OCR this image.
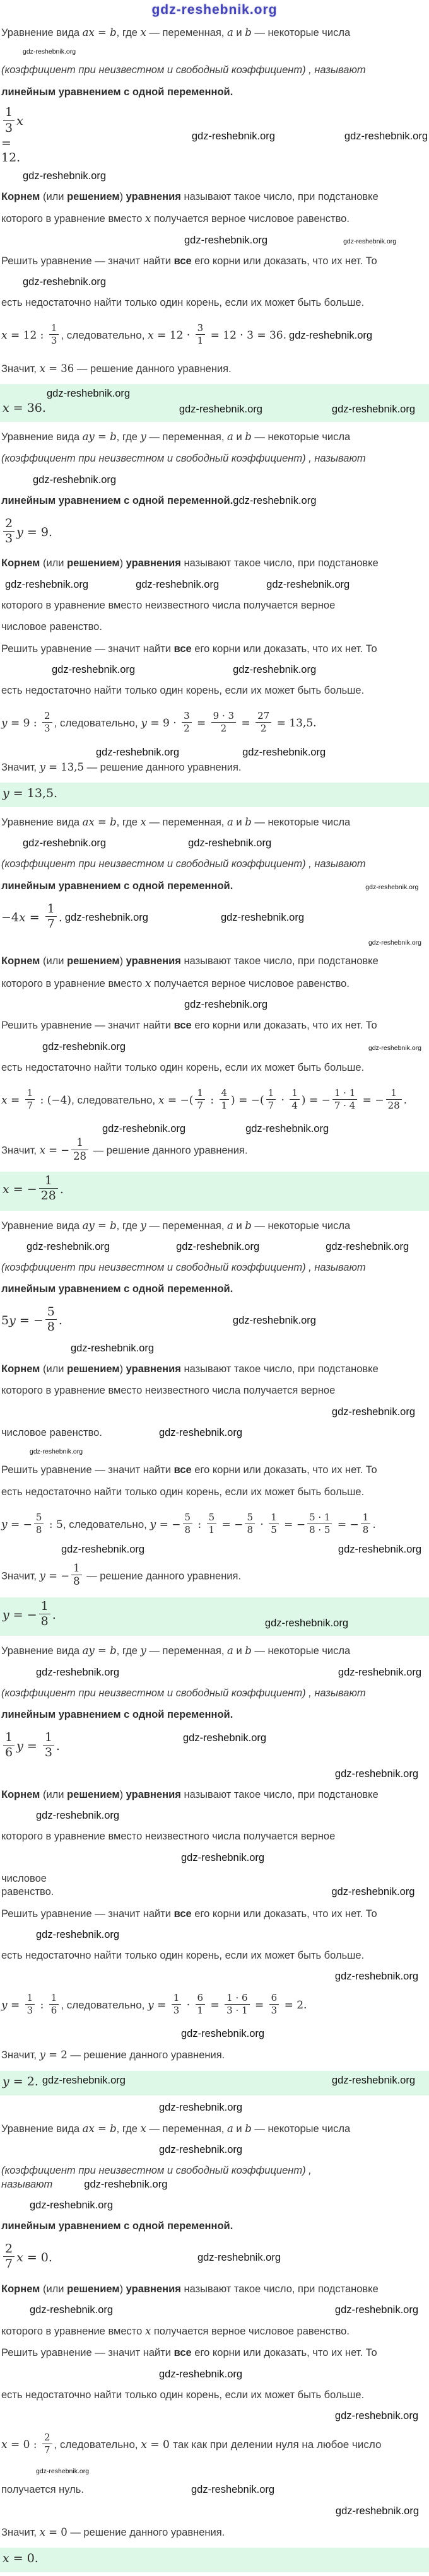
gdz-reshebnik.org
Уравнение вида ax = b, где x — переменная, a и b — некоторые числа
gdz-reshebnik.org
(коэффициент при неизвестном и свободный коэффициент) , называют
линейным уравнением с одной переменной.
$\frac{1}{3}$ x = 12.
gdz-reshebnik.org	gdz-reshebnik.org
gdz-reshebnik.org
Корнем (или решением) уравнения называют такое число, при подстановке
которого в уравнение вместо x получается верное числовое равенство.
gdz-reshebnik.org	gdz-reshebnik.org
Решить уравнение — значит найти все его корни или доказать, что их нет. То
gdz-reshebnik.org
есть недостаточно найти только один корень, если их может быть больше.
x = 12 : $\frac{1}{3}$ , следовательно, $x = 12 \cdot \frac{3}{1} = 12 \cdot 3 = 36$. gdz-reshebnik.org
Значит, x = 36 — решение данного уравнения.
gdz-reshebnik.org
x = 36.	gdz-reshebnik.org	gdz-reshebnik.org
Уравнение вида ay = b, где y — переменная, a и b — некоторые числа
(коэффициент при неизвестном и свободный коэффициент) , называют
gdz-reshebnik.org
линейным уравнением с одной переменной.gdz-reshebnik.org
$\frac{2}{3}$ y = 9.
Корнем (или решением) уравнения называют такое число, при подстановке
gdz-reshebnik.org	gdz-reshebnik.org	gdz-reshebnik.org
которого в уравнение вместо неизвестного числа получается верное
числовое равенство.
Решить уравнение — значит найти все его корни или доказать, что их нет. То
gdz-reshebnik.org	gdz-reshebnik.org
есть недостаточно найти только один корень, если их может быть больше.
y = 9 : $\frac{2}{3}$ , следовательно, $y = 9 \cdot \frac{3}{2} = \frac{9 \cdot 3}{2} = \frac{27}{2} = 13,5$.
gdz-reshebnik.org	gdz-reshebnik.org
Значит, y = 13,5 — решение данного уравнения.
y = 13,5.
Уравнение вида ax = b, где x — переменная, a и b — некоторые числа
gdz-reshebnik.org	gdz-reshebnik.org
(коэффициент при неизвестном и свободный коэффициент) , называют
линейным уравнением с одной переменной.	gdz-reshebnik.org
$-4x = \frac{1}{7}$ . gdz-reshebnik.org	gdz-reshebnik.org
gdz-reshebnik.org
Корнем (или решением) уравнения называют такое число, при подстановке
которого в уравнение вместо x получается верное числовое равенство.
gdz-reshebnik.org
Решить уравнение — значит найти все его корни или доказать, что их нет. То
gdz-reshebnik.org	gdz-reshebnik.org
есть недостаточно найти только один корень, если их может быть больше.
$x = \frac{1}{7}$ : (−4), следовательно, x = −( $\frac{1}{7}$ : $\frac{4}{1}$ ) = −( $\frac{1}{7} \cdot \frac{1}{4}$ ) = − $\frac{1 \cdot 1}{7 \cdot 4}$ = − $\frac{1}{28}$ .
gdz-reshebnik.org	gdz-reshebnik.org
Значит, x = − $\frac{1}{28}$ — решение данного уравнения.
x = − $\frac{1}{28}$ .
Уравнение вида ay = b, где y — переменная, a и b — некоторые числа
gdz-reshebnik.org	gdz-reshebnik.org	gdz-reshebnik.org
(коэффициент при неизвестном и свободный коэффициент) , называют
линейным уравнением с одной переменной.
5y = − $\frac{5}{8}$ .	gdz-reshebnik.org
gdz-reshebnik.org
Корнем (или решением) уравнения называют такое число, при подстановке
которого в уравнение вместо неизвестного числа получается верное
gdz-reshebnik.org
числовое равенство.	gdz-reshebnik.org
gdz-reshebnik.org
Решить уравнение — значит найти все его корни или доказать, что их нет. То
есть недостаточно найти только один корень, если их может быть больше.
y = − $\frac{5}{8}$ : 5, следовательно, y = − $\frac{5}{8}$ : $\frac{5}{1}$ = − $\frac{5}{8} \cdot \frac{1}{5}$ = − $\frac{5 \cdot 1}{8 \cdot 5}$ = − $\frac{1}{8}$ .
gdz-reshebnik.org	gdz-reshebnik.org
Значит, y = − $\frac{1}{8}$ — решение данного уравнения.
y = − $\frac{1}{8}$ .
gdz-reshebnik.org
Уравнение вида ay = b, где y — переменная, a и b — некоторые числа
gdz-reshebnik.org	gdz-reshebnik.org
(коэффициент при неизвестном и свободный коэффициент) , называют
линейным уравнением с одной переменной.
$\frac{1}{6}$ $y = \frac{1}{3}$ .
gdz-reshebnik.org
gdz-reshebnik.org
Корнем (или решением) уравнения называют такое число, при подстановке
gdz-reshebnik.org
которого в уравнение вместо неизвестного числа получается верное
gdz-reshebnik.org
числовое равенство.	gdz-reshebnik.org
Решить уравнение — значит найти все его корни или доказать, что их нет. То
gdz-reshebnik.org
есть недостаточно найти только один корень, если их может быть больше.
gdz-reshebnik.org
$y = \frac{1}{3}$ : $\frac{1}{6}$ , следовательно, $y = \frac{1}{3} \cdot \frac{6}{1} = \frac{1 \cdot 6}{3 \cdot 1} = \frac{6}{3} = 2$.
gdz-reshebnik.org
Значит, y = 2 — решение данного уравнения.
y = 2. gdz-reshebnik.org	gdz-reshebnik.org
gdz-reshebnik.org
Уравнение вида ax = b, где x — переменная, a и b — некоторые числа
gdz-reshebnik.org
(коэффициент при неизвестном и свободный коэффициент) , называют	gdz-reshebnik.org
gdz-reshebnik.org
линейным уравнением с одной переменной.
$\frac{2}{7}$ x = 0.	gdz-reshebnik.org
Корнем (или решением) уравнения называют такое число, при подстановке
gdz-reshebnik.org	gdz-reshebnik.org
которого в уравнение вместо x получается верное числовое равенство.
Решить уравнение — значит найти все его корни или доказать, что их нет. То
gdz-reshebnik.org
есть недостаточно найти только один корень, если их может быть больше.
gdz-reshebnik.org
x = 0 : $\frac{2}{7}$ , следовательно, x = 0 так как при делении нуля на любое число
gdz-reshebnik.org
получается нуль.	gdz-reshebnik.org
gdz-reshebnik.org
Значит, x = 0 — решение данного уравнения.
x = 0.
